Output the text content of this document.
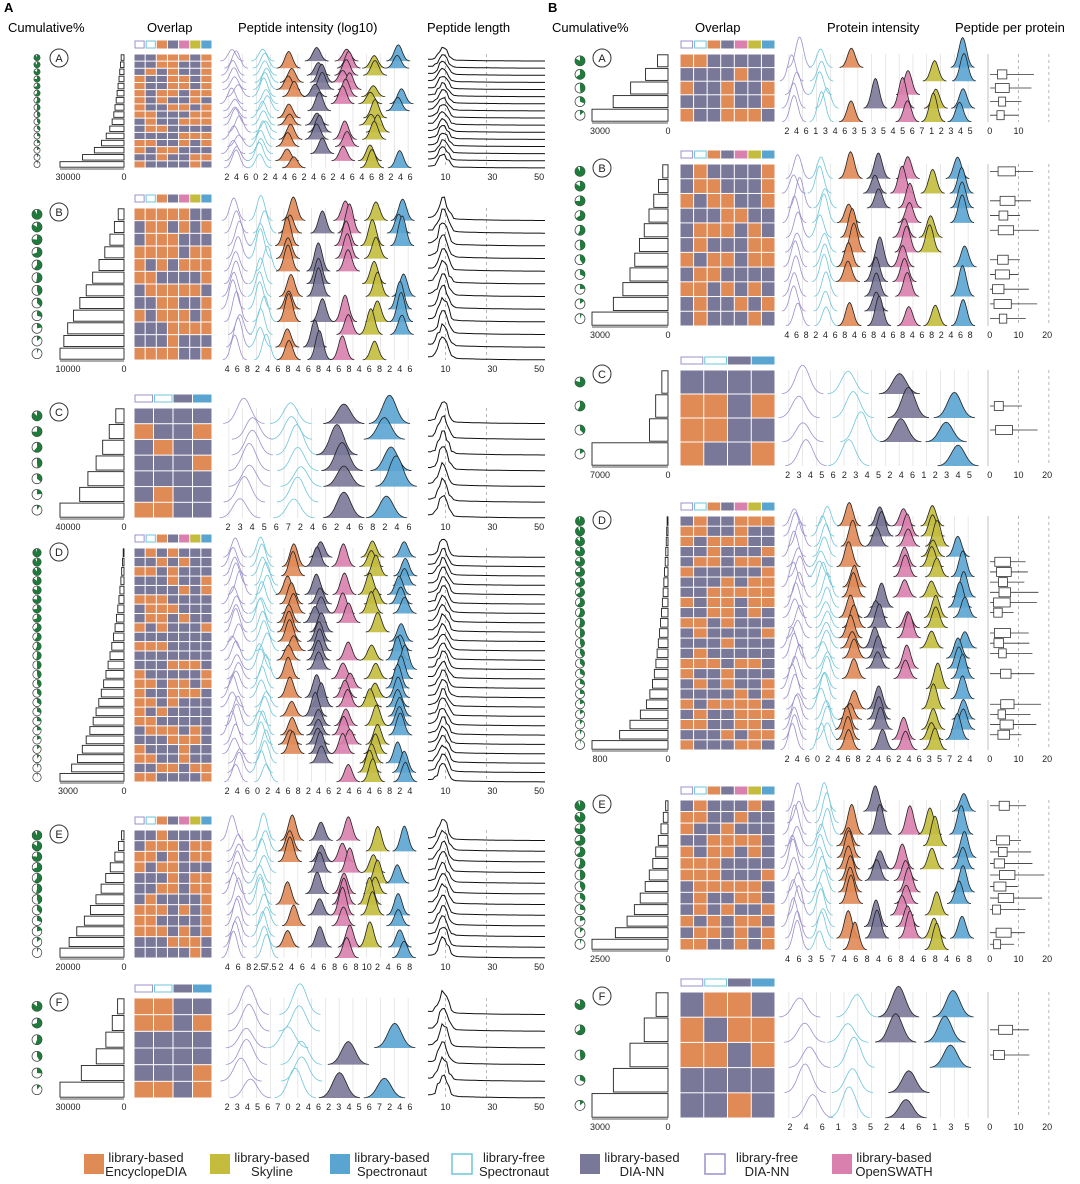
A	B
Cumulative%	Overlap	Peptide intensity (log10)	Peptide length	Cumulative%	Overlap	Protein intensity	Peptide per protein
A
30000	0	2 4 6 0 2 4 4 6 2 4 6 2 4 6 4 6 8 2 4 6	10	30	50
B
10000	0	4 6 8 2 4 6 8 4 6 8 4 6 8 4 6 8 2 4 6	10	30	50
C
40000	0	2 3 4 5 6 7 2 4 6 2 4 6 8 2 4 6	10	30	50
D
3000	0	2 4 6 0 2 4 6 8 2 4 6 2 4 6 4 6 8 2 4	10	30	50
E
20000	0	4 6 8 2.5
7.5 2 4 6 4 6 8 6 8 10 2 4 6 8	10	30	50
F
30000	0	2 3 4 5 6 7 0 2 4 6 2 3 4 5 6 7 2 4 6	10	30	50
A
3000	0	2 4 6 1 3 4 6 3 5 3 5 4 5 6 7 1 2 3 4 5 0 10
B
3000	0	4 6 8 2 4 6 8 4 6 8 4 6 8 4 6 8 2 4 6 8 0 10 20
C
7000	0	2 3 4 5 6 2 3 4 5 2 4 6 1 2 3 4 5 0 10 20
D
800	0	2 4 6 0 2 4 6 8 2 4 6 2 4 6 3 5 7 2 4 0 10 20
E
2500	0	4 6 3 5 7 4 6 8 4 6 8 4 6 8 4 6 8 0 10 20
F
3000	0	2 4 6 1 3 5 2 4 6 1 3 5 0 10 20
library-based
EncyclopeDIA
library-based
Skyline
library-based
Spectronaut
library-free
Spectronaut
library-based
DIA-NN
library-free
DIA-NN
library-based
OpenSWATH
